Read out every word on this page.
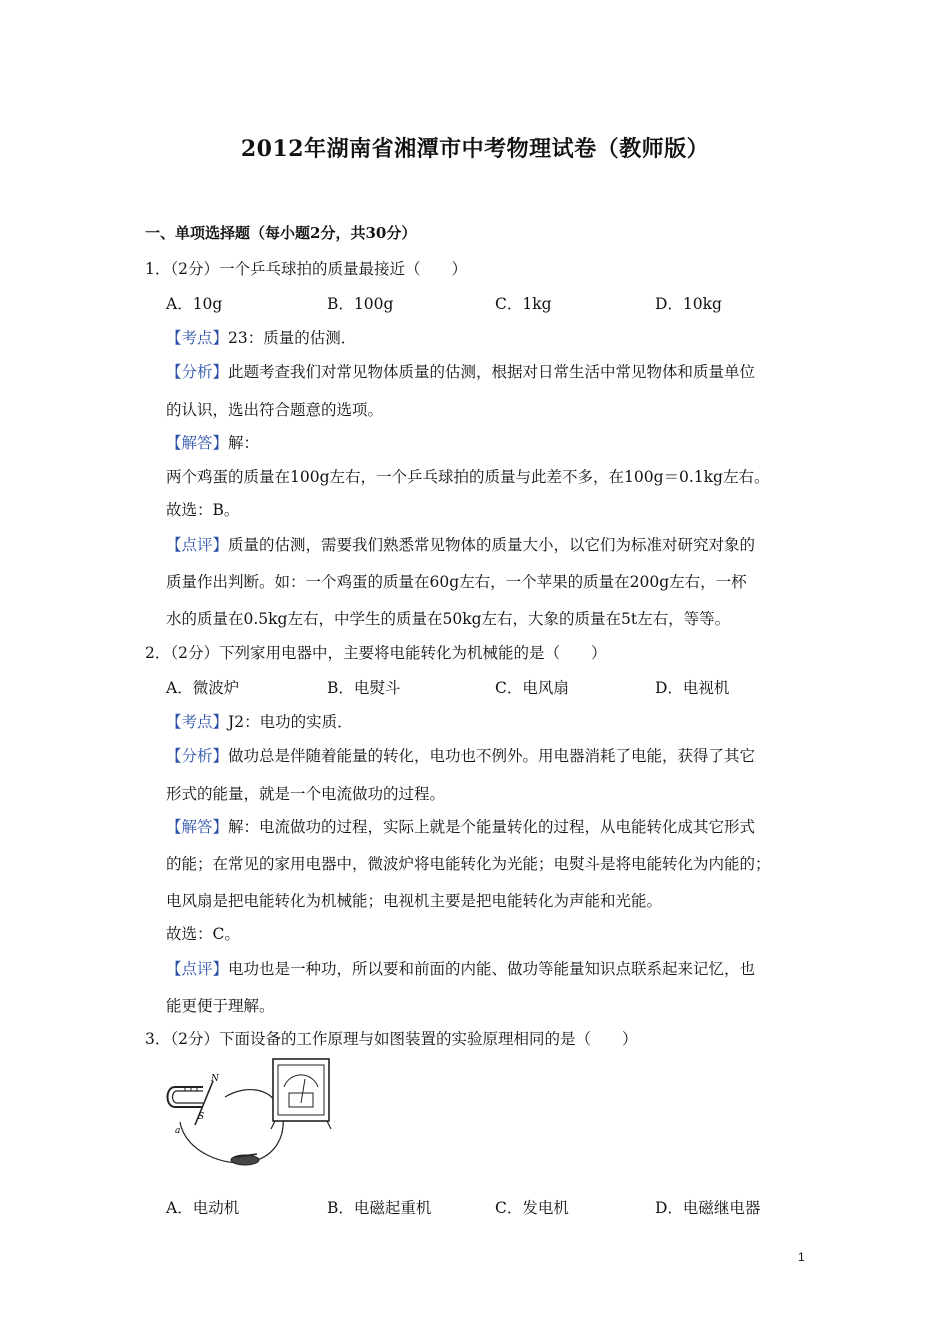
2012年湖南省湘潭市中考物理试卷（教师版）
一、单项选择题（每小题2分，共30分）
1．（2分）一个乒乓球拍的质量最接近（　　）
A．10g	B．100g	C．1kg	D．10kg
【考点】23：质量的估测．
【分析】此题考查我们对常见物体质量的估测，根据对日常生活中常见物体和质量单位
的认识，选出符合题意的选项。
【解答】解：
两个鸡蛋的质量在100g左右，一个乒乓球拍的质量与此差不多，在100g＝0.1kg左右。
故选：B。
【点评】质量的估测，需要我们熟悉常见物体的质量大小，以它们为标准对研究对象的
质量作出判断。如：一个鸡蛋的质量在60g左右，一个苹果的质量在200g左右，一杯
水的质量在0.5kg左右，中学生的质量在50kg左右，大象的质量在5t左右，等等。
2．（2分）下列家用电器中，主要将电能转化为机械能的是（　　）
A．微波炉	B．电熨斗	C．电风扇	D．电视机
【考点】J2：电功的实质．
【分析】做功总是伴随着能量的转化，电功也不例外。用电器消耗了电能，获得了其它
形式的能量，就是一个电流做功的过程。
【解答】解：电流做功的过程，实际上就是个能量转化的过程，从电能转化成其它形式
的能；在常见的家用电器中，微波炉将电能转化为光能；电熨斗是将电能转化为内能的；
电风扇是把电能转化为机械能；电视机主要是把电能转化为声能和光能。
故选：C。
【点评】电功也是一种功，所以要和前面的内能、做功等能量知识点联系起来记忆，也
能更便于理解。
3．（2分）下面设备的工作原理与如图装置的实验原理相同的是（　　）
N
S
a
A．电动机	B．电磁起重机	C．发电机	D．电磁继电器
1
